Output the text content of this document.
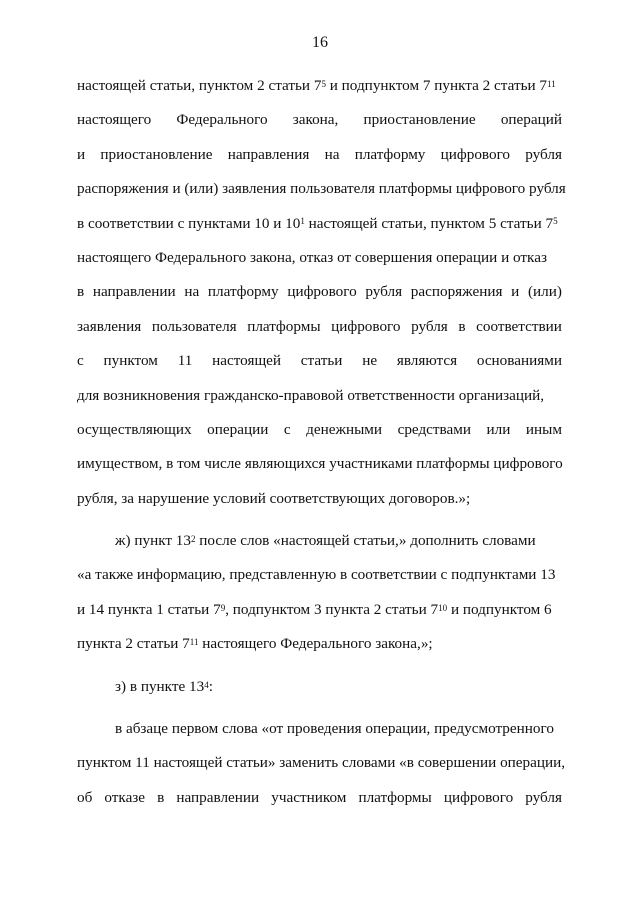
16
настоящей статьи, пунктом 2 статьи $7^5$ и подпунктом 7 пункта 2 статьи $7^{11}$
настоящего Федерального закона, приостановление операций
и приостановление направления на платформу цифрового рубля
распоряжения и (или) заявления пользователя платформы цифрового рубля
в соответствии с пунктами 10 и $10^1$ настоящей статьи, пунктом 5 статьи $7^5$
настоящего Федерального закона, отказ от совершения операции и отказ
в направлении на платформу цифрового рубля распоряжения и (или)
заявления пользователя платформы цифрового рубля в соответствии
с пунктом 11 настоящей статьи не являются основаниями
для возникновения гражданско-правовой ответственности организаций,
осуществляющих операции с денежными средствами или иным
имуществом, в том числе являющихся участниками платформы цифрового
рубля, за нарушение условий соответствующих договоров.»;
ж) пункт $13^2$ после слов «настоящей статьи,» дополнить словами
«а также информацию, представленную в соответствии с подпунктами 13
и 14 пункта 1 статьи $7^9$, подпунктом 3 пункта 2 статьи $7^{10}$ и подпунктом 6
пункта 2 статьи $7^{11}$ настоящего Федерального закона,»;
з) в пункте $13^4$:
в абзаце первом слова «от проведения операции, предусмотренного
пунктом 11 настоящей статьи» заменить словами «в совершении операции,
об отказе в направлении участником платформы цифрового рубля
